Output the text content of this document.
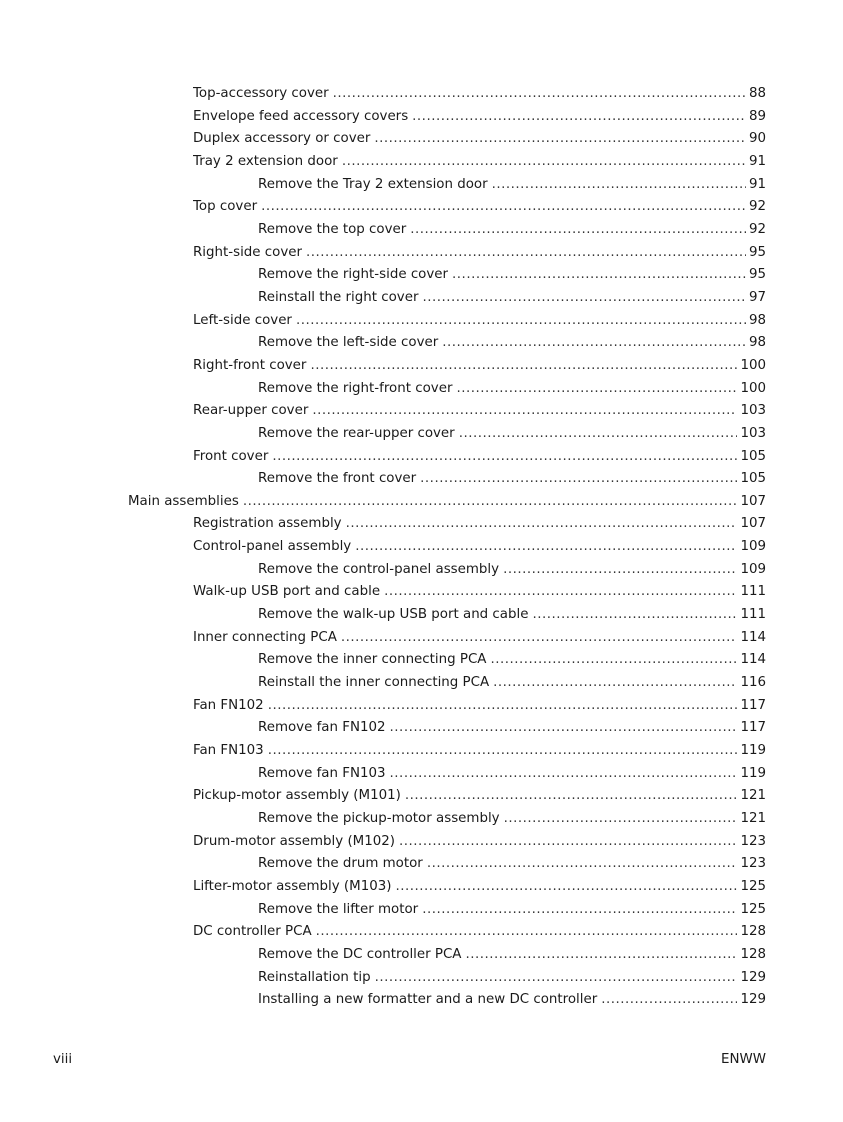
Top-accessory cover .....	88
Envelope feed accessory covers .....	89
Duplex accessory or cover .....	90
Tray 2 extension door .....	91
Remove the Tray 2 extension door .....	91
Top cover .....	92
Remove the top cover .....	92
Right-side cover .....	95
Remove the right-side cover .....	95
Reinstall the right cover .....	97
Left-side cover .....	98
Remove the left-side cover .....	98
Right-front cover .....	100
Remove the right-front cover .....	100
Rear-upper cover .....	103
Remove the rear-upper cover .....	103
Front cover .....	105
Remove the front cover .....	105
Main assemblies .....	107
Registration assembly .....	107
Control-panel assembly .....	109
Remove the control-panel assembly .....	109
Walk-up USB port and cable .....	111
Remove the walk-up USB port and cable .....	111
Inner connecting PCA .....	114
Remove the inner connecting PCA .....	114
Reinstall the inner connecting PCA .....	116
Fan FN102 .....	117
Remove fan FN102 .....	117
Fan FN103 .....	119
Remove fan FN103 .....	119
Pickup-motor assembly (M101) .....	121
Remove the pickup-motor assembly .....	121
Drum-motor assembly (M102) .....	123
Remove the drum motor .....	123
Lifter-motor assembly (M103) .....	125
Remove the lifter motor .....	125
DC controller PCA .....	128
Remove the DC controller PCA .....	128
Reinstallation tip .....	129
Installing a new formatter and a new DC controller .....	129
viii	ENWW
